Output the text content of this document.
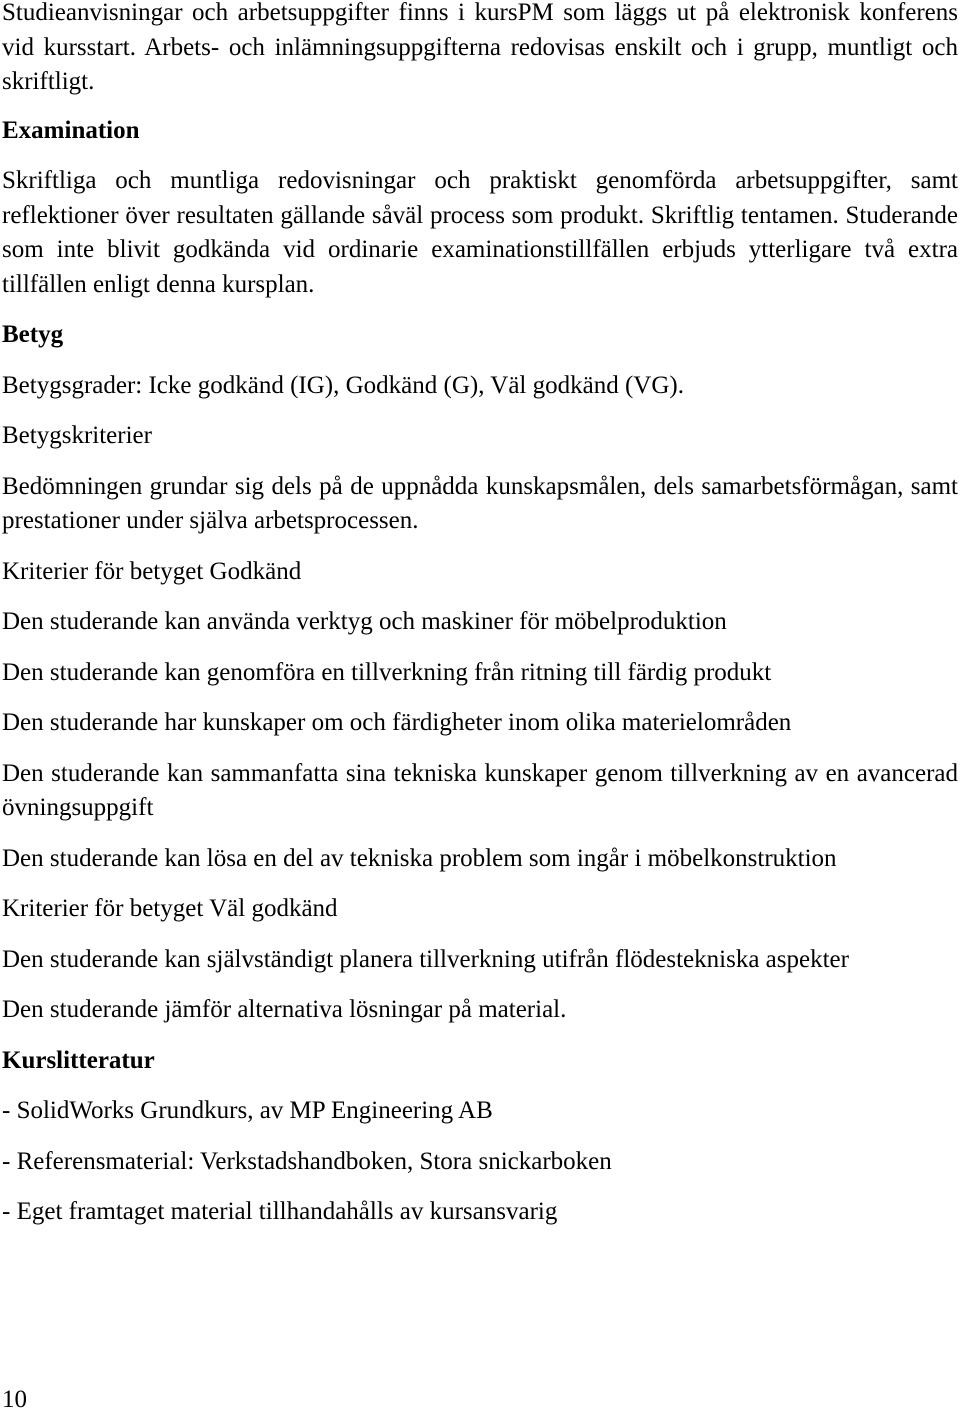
Studieanvisningar och arbetsuppgifter finns i kursPM som läggs ut på elektronisk konferens vid kursstart. Arbets- och inlämningsuppgifterna redovisas enskilt och i grupp, muntligt och skriftligt.

Examination

Skriftliga och muntliga redovisningar och praktiskt genomförda arbetsuppgifter, samt reflektioner över resultaten gällande såväl process som produkt. Skriftlig tentamen. Studerande som inte blivit godkända vid ordinarie examinationstillfällen erbjuds ytterligare två extra tillfällen enligt denna kursplan.

Betyg

Betygsgrader: Icke godkänd (IG), Godkänd (G), Väl godkänd (VG).

Betygskriterier

Bedömningen grundar sig dels på de uppnådda kunskapsmålen, dels samarbetsförmågan, samt prestationer under själva arbetsprocessen.

Kriterier för betyget Godkänd

Den studerande kan använda verktyg och maskiner för möbelproduktion

Den studerande kan genomföra en tillverkning från ritning till färdig produkt

Den studerande har kunskaper om och färdigheter inom olika materielområden

Den studerande kan sammanfatta sina tekniska kunskaper genom tillverkning av en avancerad övningsuppgift

Den studerande kan lösa en del av tekniska problem som ingår i möbelkonstruktion

Kriterier för betyget Väl godkänd

Den studerande kan självständigt planera tillverkning utifrån flödestekniska aspekter

Den studerande jämför alternativa lösningar på material.

Kurslitteratur

- SolidWorks Grundkurs, av MP Engineering AB

- Referensmaterial: Verkstadshandboken, Stora snickarboken

- Eget framtaget material tillhandahålls av kursansvarig

10
